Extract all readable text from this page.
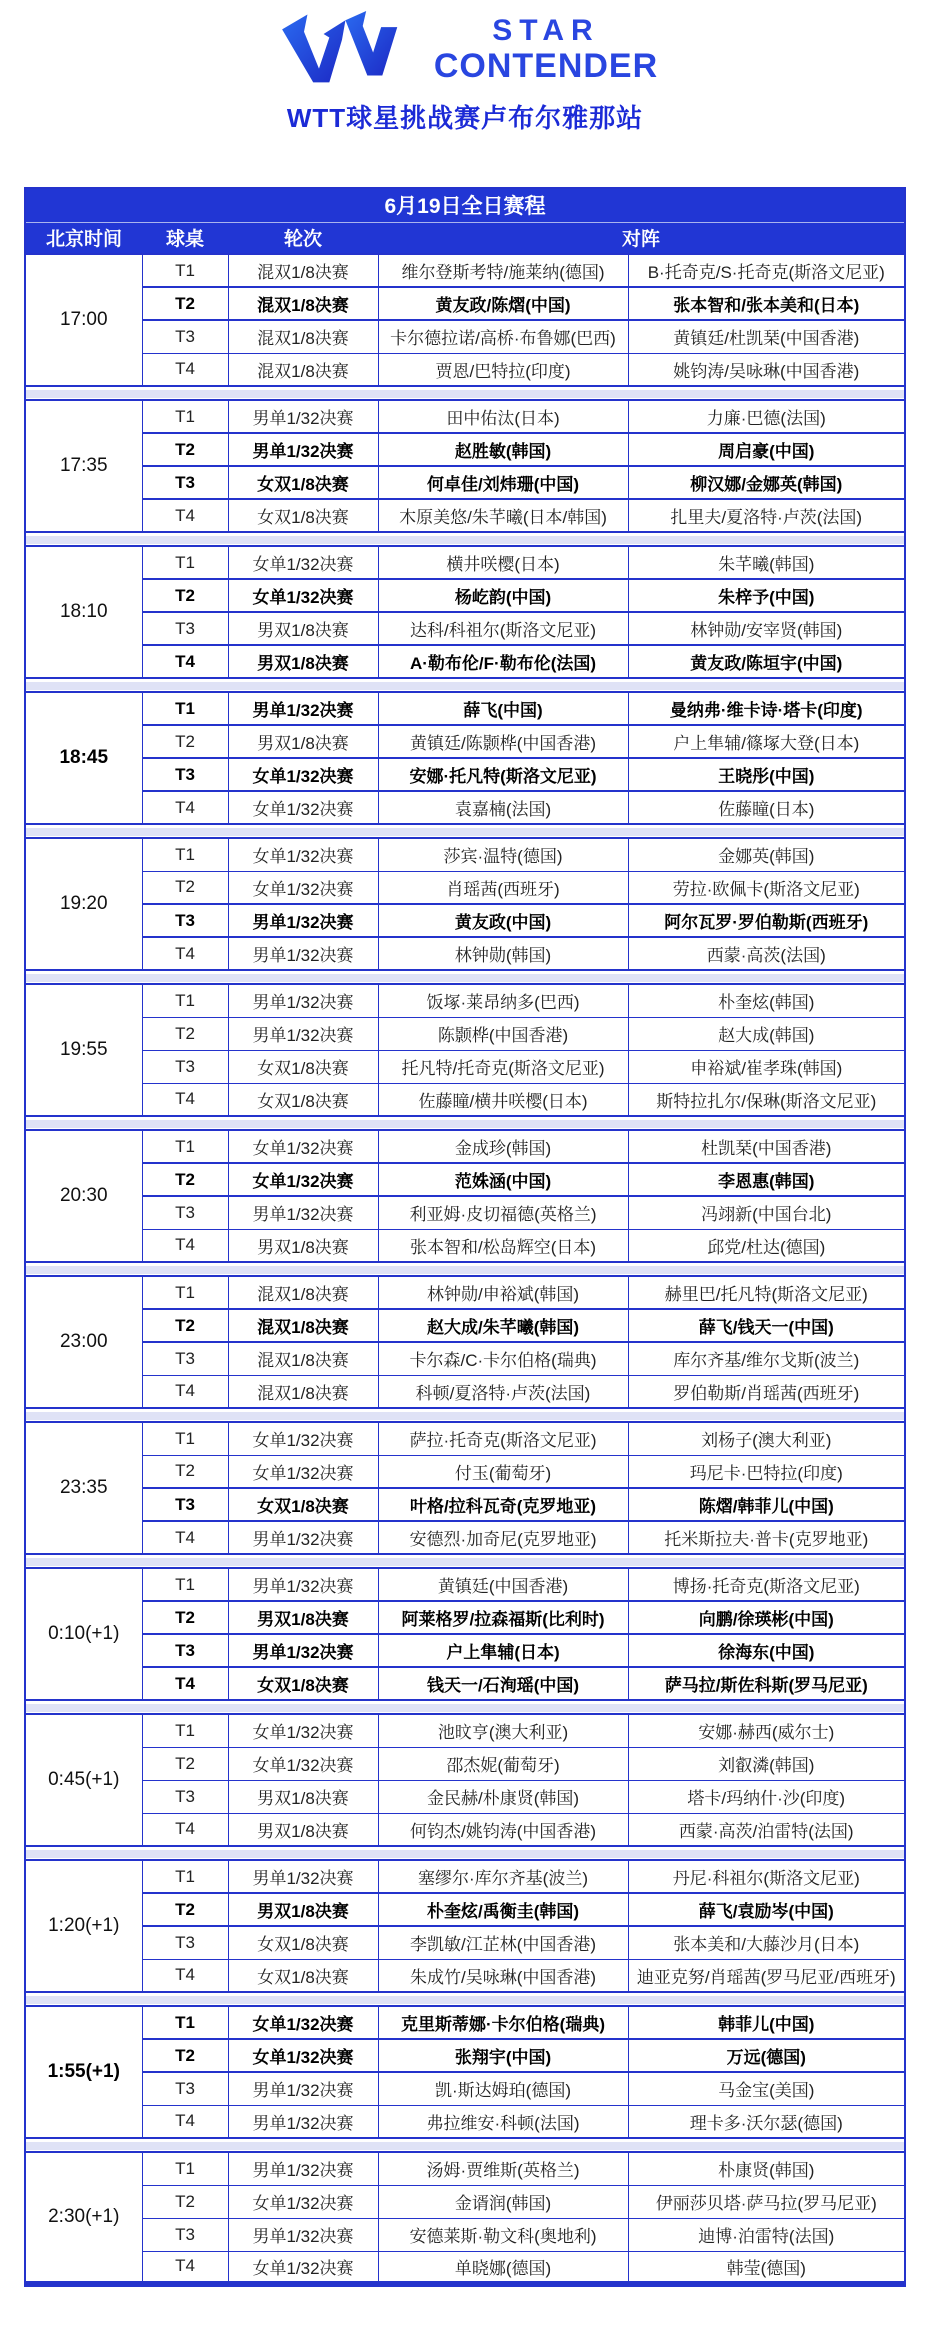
STAR
CONTENDER
WTT球星挑战赛卢布尔雅那站
6月19日全日赛程				
北京时间	球桌	轮次	对阵	
17:00	T1	混双1/8决赛	维尔登斯考特/施莱纳(德国)	B·托奇克/S·托奇克(斯洛文尼亚)
	T2	混双1/8决赛	黄友政/陈熠(中国)	张本智和/张本美和(日本)
	T3	混双1/8决赛	卡尔德拉诺/高桥·布鲁娜(巴西)	黄镇廷/杜凯琹(中国香港)
	T4	混双1/8决赛	贾恩/巴特拉(印度)	姚钧涛/吴咏琳(中国香港)

17:35	T1	男单1/32决赛	田中佑汰(日本)	力廉·巴德(法国)
	T2	男单1/32决赛	赵胜敏(韩国)	周启豪(中国)
	T3	女双1/8决赛	何卓佳/刘炜珊(中国)	柳汉娜/金娜英(韩国)
	T4	女双1/8决赛	木原美悠/朱芊曦(日本/韩国)	扎里夫/夏洛特·卢茨(法国)

18:10	T1	女单1/32决赛	横井咲樱(日本)	朱芊曦(韩国)
	T2	女单1/32决赛	杨屹韵(中国)	朱梓予(中国)
	T3	男双1/8决赛	达科/科祖尔(斯洛文尼亚)	林钟勋/安宰贤(韩国)
	T4	男双1/8决赛	A·勒布伦/F·勒布伦(法国)	黄友政/陈垣宇(中国)

18:45	T1	男单1/32决赛	薛飞(中国)	曼纳弗·维卡诗·塔卡(印度)
	T2	男双1/8决赛	黄镇廷/陈颢桦(中国香港)	户上隼辅/篠塚大登(日本)
	T3	女单1/32决赛	安娜·托凡特(斯洛文尼亚)	王晓彤(中国)
	T4	女单1/32决赛	袁嘉楠(法国)	佐藤瞳(日本)

19:20	T1	女单1/32决赛	莎宾·温特(德国)	金娜英(韩国)
	T2	女单1/32决赛	肖瑶茜(西班牙)	劳拉·欧佩卡(斯洛文尼亚)
	T3	男单1/32决赛	黄友政(中国)	阿尔瓦罗·罗伯勒斯(西班牙)
	T4	男单1/32决赛	林钟勋(韩国)	西蒙·高茨(法国)

19:55	T1	男单1/32决赛	饭塚·莱昂纳多(巴西)	朴奎炫(韩国)
	T2	男单1/32决赛	陈颢桦(中国香港)	赵大成(韩国)
	T3	女双1/8决赛	托凡特/托奇克(斯洛文尼亚)	申裕斌/崔孝珠(韩国)
	T4	女双1/8决赛	佐藤瞳/横井咲樱(日本)	斯特拉扎尔/保琳(斯洛文尼亚)

20:30	T1	女单1/32决赛	金成珍(韩国)	杜凯琹(中国香港)
	T2	女单1/32决赛	范姝涵(中国)	李恩惠(韩国)
	T3	男单1/32决赛	利亚姆·皮切福德(英格兰)	冯翊新(中国台北)
	T4	男双1/8决赛	张本智和/松岛辉空(日本)	邱党/杜达(德国)

23:00	T1	混双1/8决赛	林钟勋/申裕斌(韩国)	赫里巴/托凡特(斯洛文尼亚)
	T2	混双1/8决赛	赵大成/朱芊曦(韩国)	薛飞/钱天一(中国)
	T3	混双1/8决赛	卡尔森/C·卡尔伯格(瑞典)	库尔齐基/维尔戈斯(波兰)
	T4	混双1/8决赛	科顿/夏洛特·卢茨(法国)	罗伯勒斯/肖瑶茜(西班牙)

23:35	T1	女单1/32决赛	萨拉·托奇克(斯洛文尼亚)	刘杨子(澳大利亚)
	T2	女单1/32决赛	付玉(葡萄牙)	玛尼卡·巴特拉(印度)
	T3	女双1/8决赛	叶格/拉科瓦奇(克罗地亚)	陈熠/韩菲儿(中国)
	T4	男单1/32决赛	安德烈·加奇尼(克罗地亚)	托米斯拉夫·普卡(克罗地亚)

0:10(+1)	T1	男单1/32决赛	黄镇廷(中国香港)	博扬·托奇克(斯洛文尼亚)
	T2	男双1/8决赛	阿莱格罗/拉森福斯(比利时)	向鹏/徐瑛彬(中国)
	T3	男单1/32决赛	户上隼辅(日本)	徐海东(中国)
	T4	女双1/8决赛	钱天一/石洵瑶(中国)	萨马拉/斯佐科斯(罗马尼亚)

0:45(+1)	T1	女单1/32决赛	池旼亨(澳大利亚)	安娜·赫西(威尔士)
	T2	女单1/32决赛	邵杰妮(葡萄牙)	刘叡潾(韩国)
	T3	男双1/8决赛	金民赫/朴康贤(韩国)	塔卡/玛纳什·沙(印度)
	T4	男双1/8决赛	何钧杰/姚钧涛(中国香港)	西蒙·高茨/泊雷特(法国)

1:20(+1)	T1	男单1/32决赛	塞缪尔·库尔齐基(波兰)	丹尼·科祖尔(斯洛文尼亚)
	T2	男双1/8决赛	朴奎炫/禹衡圭(韩国)	薛飞/袁励岑(中国)
	T3	女双1/8决赛	李凯敏/江芷林(中国香港)	张本美和/大藤沙月(日本)
	T4	女双1/8决赛	朱成竹/吴咏琳(中国香港)	迪亚克努/肖瑶茜(罗马尼亚/西班牙)

1:55(+1)	T1	女单1/32决赛	克里斯蒂娜·卡尔伯格(瑞典)	韩菲儿(中国)
	T2	女单1/32决赛	张翔宇(中国)	万远(德国)
	T3	男单1/32决赛	凯·斯达姆珀(德国)	马金宝(美国)
	T4	男单1/32决赛	弗拉维安·科顿(法国)	理卡多·沃尔瑟(德国)

2:30(+1)	T1	男单1/32决赛	汤姆·贾维斯(英格兰)	朴康贤(韩国)
	T2	女单1/32决赛	金谞润(韩国)	伊丽莎贝塔·萨马拉(罗马尼亚)
	T3	男单1/32决赛	安德莱斯·勒文科(奥地利)	迪博·泊雷特(法国)
	T4	女单1/32决赛	单晓娜(德国)	韩莹(德国)
